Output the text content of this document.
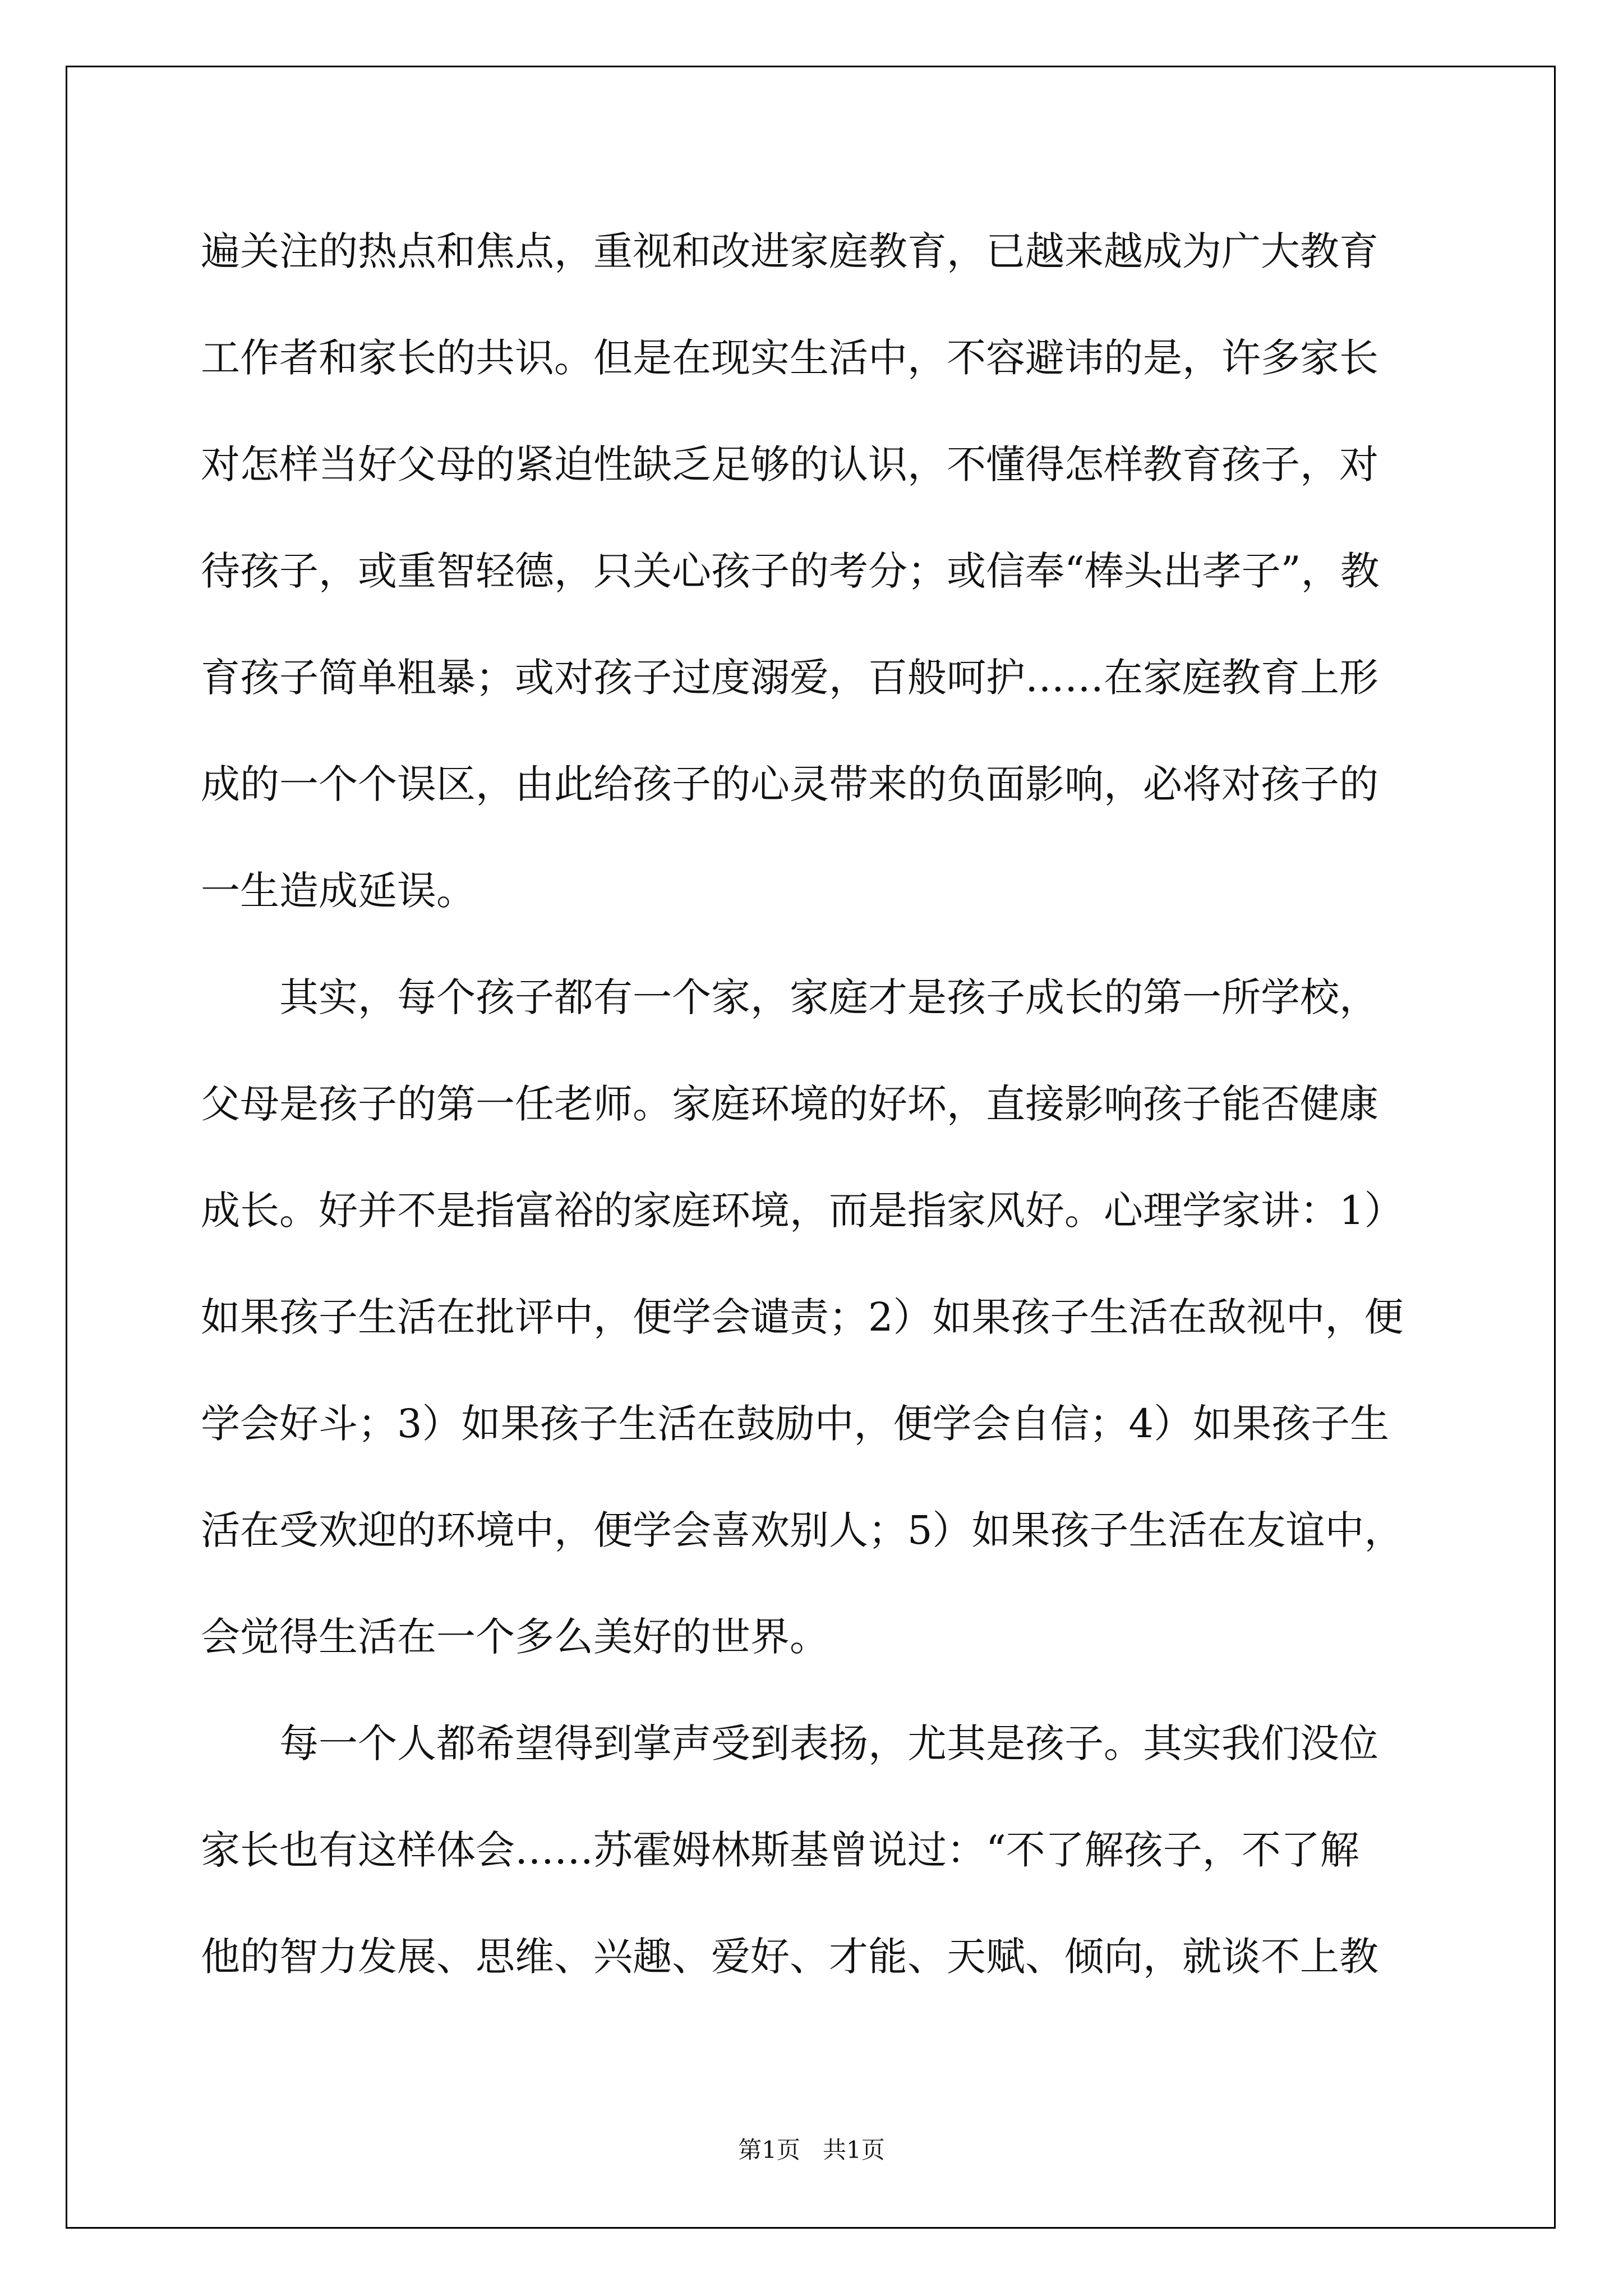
遍关注的热点和焦点，重视和改进家庭教育，已越来越成为广大教育
工作者和家长的共识。但是在现实生活中，不容避讳的是，许多家长
对怎样当好父母的紧迫性缺乏足够的认识，不懂得怎样教育孩子，对
待孩子，或重智轻德，只关心孩子的考分；或信奉“棒头出孝子”，教
育孩子简单粗暴；或对孩子过度溺爱，百般呵护……在家庭教育上形
成的一个个误区，由此给孩子的心灵带来的负面影响，必将对孩子的
一生造成延误。
其实，每个孩子都有一个家，家庭才是孩子成长的第一所学校，
父母是孩子的第一任老师。家庭环境的好坏，直接影响孩子能否健康
成长。好并不是指富裕的家庭环境，而是指家风好。心理学家讲：1）
如果孩子生活在批评中，便学会谴责；2）如果孩子生活在敌视中，便
学会好斗；3）如果孩子生活在鼓励中，便学会自信；4）如果孩子生
活在受欢迎的环境中，便学会喜欢别人；5）如果孩子生活在友谊中，
会觉得生活在一个多么美好的世界。
每一个人都希望得到掌声受到表扬，尤其是孩子。其实我们没位
家长也有这样体会……苏霍姆林斯基曾说过：“不了解孩子，不了解
他的智力发展、思维、兴趣、爱好、才能、天赋、倾向，就谈不上教
第1页 共1页
